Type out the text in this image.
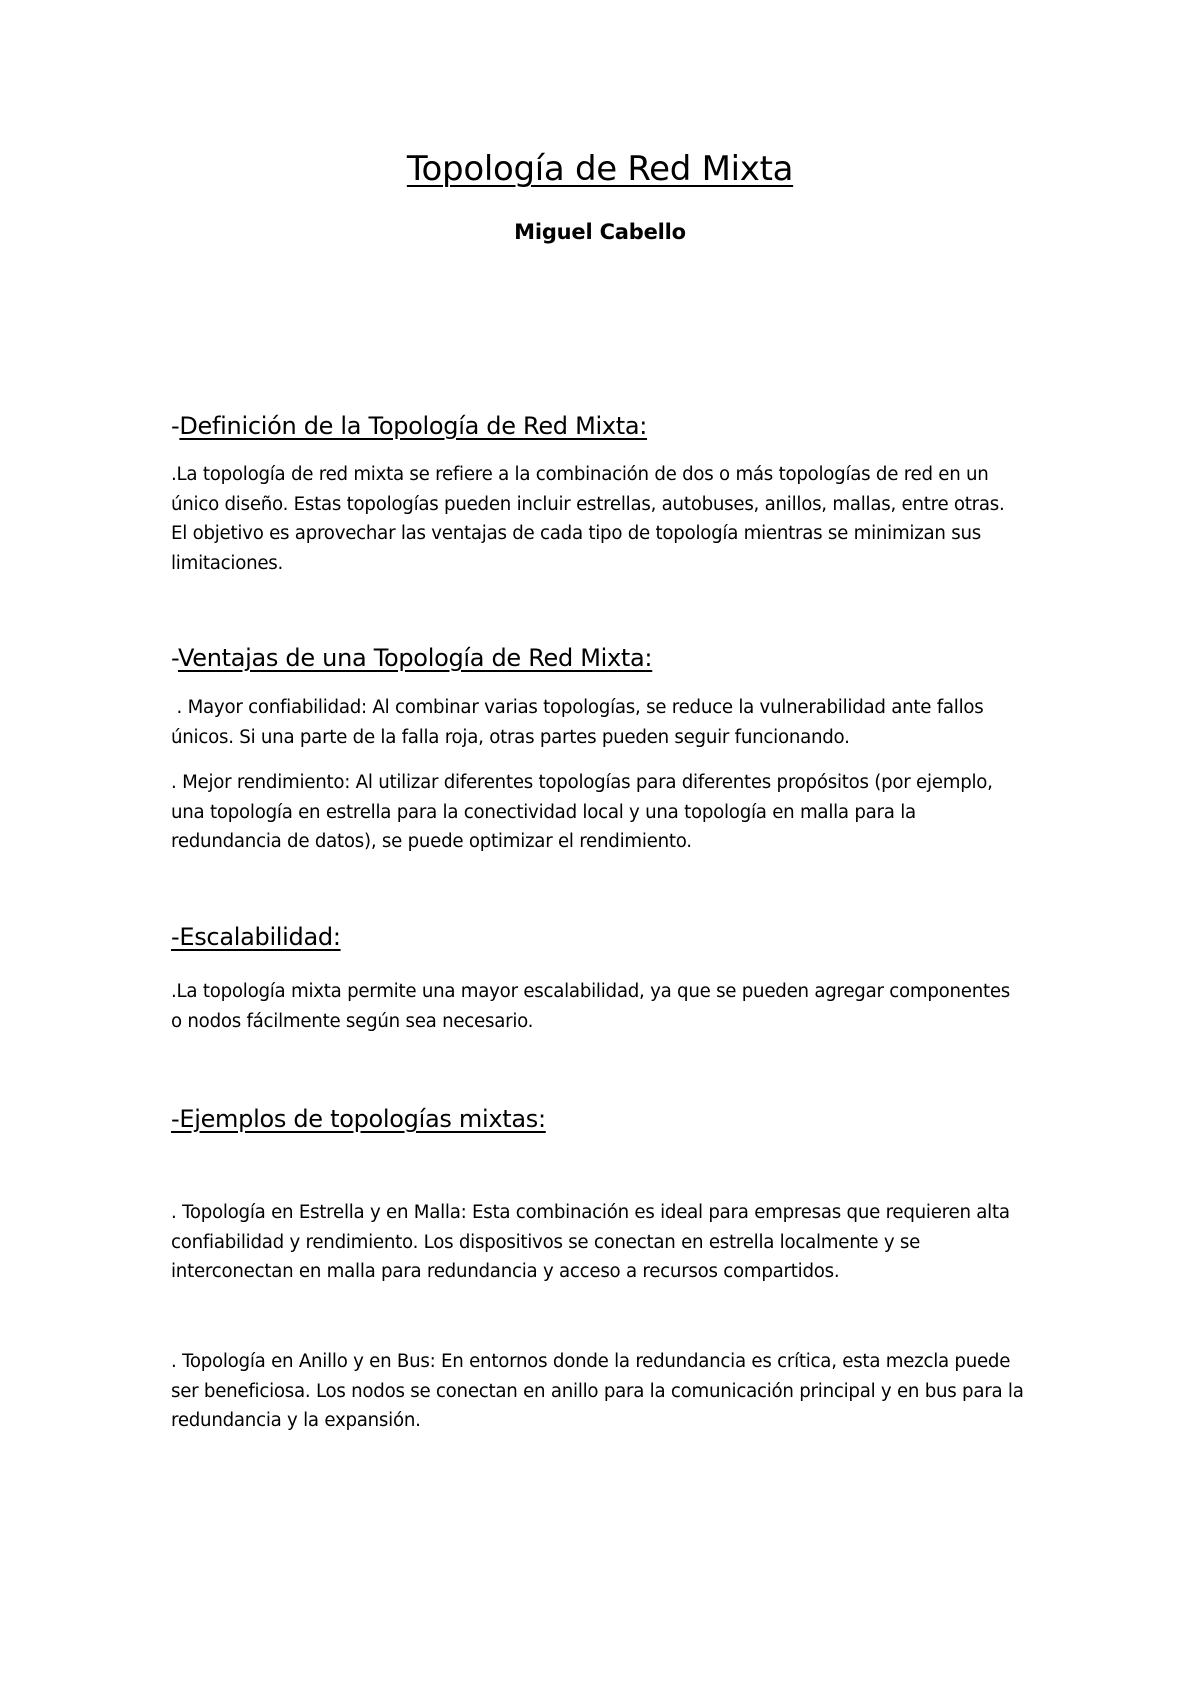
Topología de Red Mixta
Miguel Cabello
-Definición de la Topología de Red Mixta:
.La topología de red mixta se refiere a la combinación de dos o más topologías de red en un
único diseño. Estas topologías pueden incluir estrellas, autobuses, anillos, mallas, entre otras.
El objetivo es aprovechar las ventajas de cada tipo de topología mientras se minimizan sus
limitaciones.
-Ventajas de una Topología de Red Mixta:
. Mayor confiabilidad: Al combinar varias topologías, se reduce la vulnerabilidad ante fallos
únicos. Si una parte de la falla roja, otras partes pueden seguir funcionando.
. Mejor rendimiento: Al utilizar diferentes topologías para diferentes propósitos (por ejemplo,
una topología en estrella para la conectividad local y una topología en malla para la
redundancia de datos), se puede optimizar el rendimiento.
-Escalabilidad:
.La topología mixta permite una mayor escalabilidad, ya que se pueden agregar componentes
o nodos fácilmente según sea necesario.
-Ejemplos de topologías mixtas:
. Topología en Estrella y en Malla: Esta combinación es ideal para empresas que requieren alta
confiabilidad y rendimiento. Los dispositivos se conectan en estrella localmente y se
interconectan en malla para redundancia y acceso a recursos compartidos.
. Topología en Anillo y en Bus: En entornos donde la redundancia es crítica, esta mezcla puede
ser beneficiosa. Los nodos se conectan en anillo para la comunicación principal y en bus para la
redundancia y la expansión.
